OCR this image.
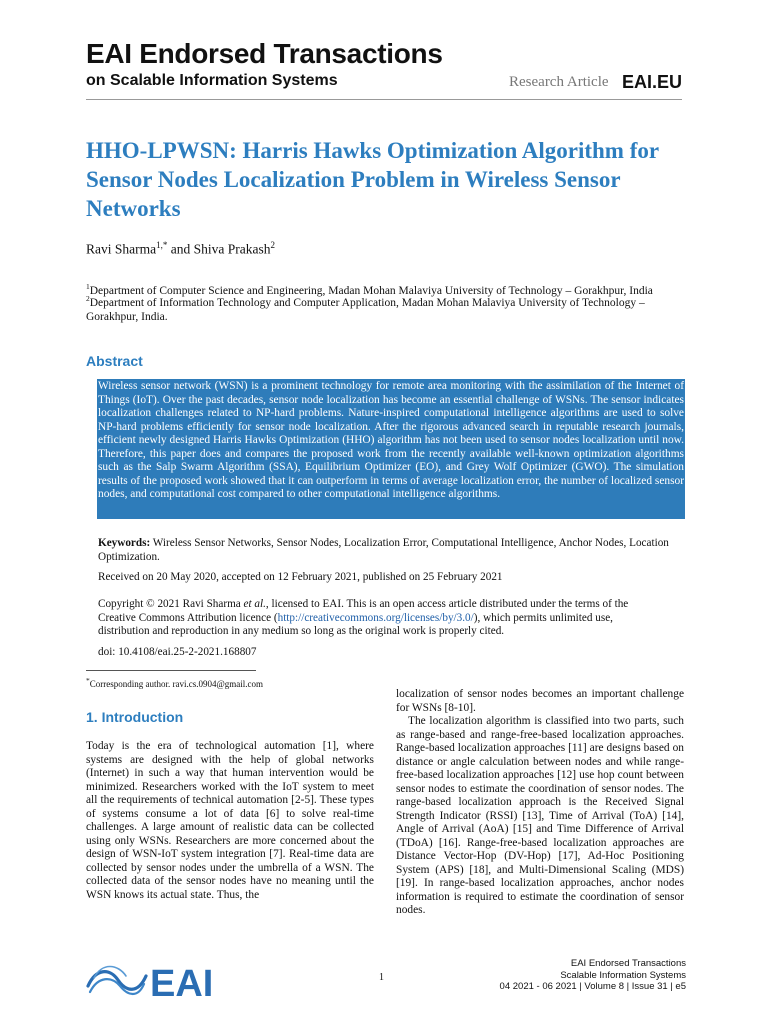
EAI Endorsed Transactions
on Scalable Information Systems	Research Article EAI.EU
HHO-LPWSN: Harris Hawks Optimization Algorithm for Sensor Nodes Localization Problem in Wireless Sensor Networks
Ravi Sharma$^{1,*}$ and Shiva Prakash$^2$
$^1$Department of Computer Science and Engineering, Madan Mohan Malaviya University of Technology – Gorakhpur, India
$^2$Department of Information Technology and Computer Application, Madan Mohan Malaviya University of Technology – Gorakhpur, India.
Abstract
Wireless sensor network (WSN) is a prominent technology for remote area monitoring with the assimilation of the Internet of Things (IoT). Over the past decades, sensor node localization has become an essential challenge of WSNs. The sensor indicates localization challenges related to NP-hard problems. Nature-inspired computational intelligence algorithms are used to solve NP-hard problems efficiently for sensor node localization. After the rigorous advanced search in reputable research journals, efficient newly designed Harris Hawks Optimization (HHO) algorithm has not been used to sensor nodes localization until now. Therefore, this paper does and compares the proposed work from the recently available well-known optimization algorithms such as the Salp Swarm Algorithm (SSA), Equilibrium Optimizer (EO), and Grey Wolf Optimizer (GWO). The simulation results of the proposed work showed that it can outperform in terms of average localization error, the number of localized sensor nodes, and computational cost compared to other computational intelligence algorithms.
Keywords: Wireless Sensor Networks, Sensor Nodes, Localization Error, Computational Intelligence, Anchor Nodes, Location Optimization.
Received on 20 May 2020, accepted on 12 February 2021, published on 25 February 2021
Copyright © 2021 Ravi Sharma et al., licensed to EAI. This is an open access article distributed under the terms of the Creative Commons Attribution licence (http://creativecommons.org/licenses/by/3.0/), which permits unlimited use, distribution and reproduction in any medium so long as the original work is properly cited.
doi: 10.4108/eai.25-2-2021.168807
*Corresponding author. ravi.cs.0904@gmail.com
1. Introduction

Today is the era of technological automation [1], where systems are designed with the help of global networks (Internet) in such a way that human intervention would be minimized. Researchers worked with the IoT system to meet all the requirements of technical automation [2-5]. These types of systems consume a lot of data [6] to solve real-time challenges. A large amount of realistic data can be collected using only WSNs. Researchers are more concerned about the design of WSN-IoT system integration [7]. Real-time data are collected by sensor nodes under the umbrella of a WSN. The collected data of the sensor nodes have no meaning until the WSN knows its actual state. Thus, the

localization of sensor nodes becomes an important challenge for WSNs [8-10].

The localization algorithm is classified into two parts, such as range-based and range-free-based localization approaches. Range-based localization approaches [11] are designs based on distance or angle calculation between nodes and while range-free-based localization approaches [12] use hop count between sensor nodes to estimate the coordination of sensor nodes. The range-based localization approach is the Received Signal Strength Indicator (RSSI) [13], Time of Arrival (ToA) [14], Angle of Arrival (AoA) [15] and Time Difference of Arrival (TDoA) [16]. Range-free-based localization approaches are Distance Vector-Hop (DV-Hop) [17], Ad-Hoc Positioning System (APS) [18], and Multi-Dimensional Scaling (MDS) [19]. In range-based localization approaches, anchor nodes information is required to estimate the coordination of sensor nodes.

EAI	1
EAI Endorsed Transactions
Scalable Information Systems
04 2021 - 06 2021 | Volume 8 | Issue 31 | e5
